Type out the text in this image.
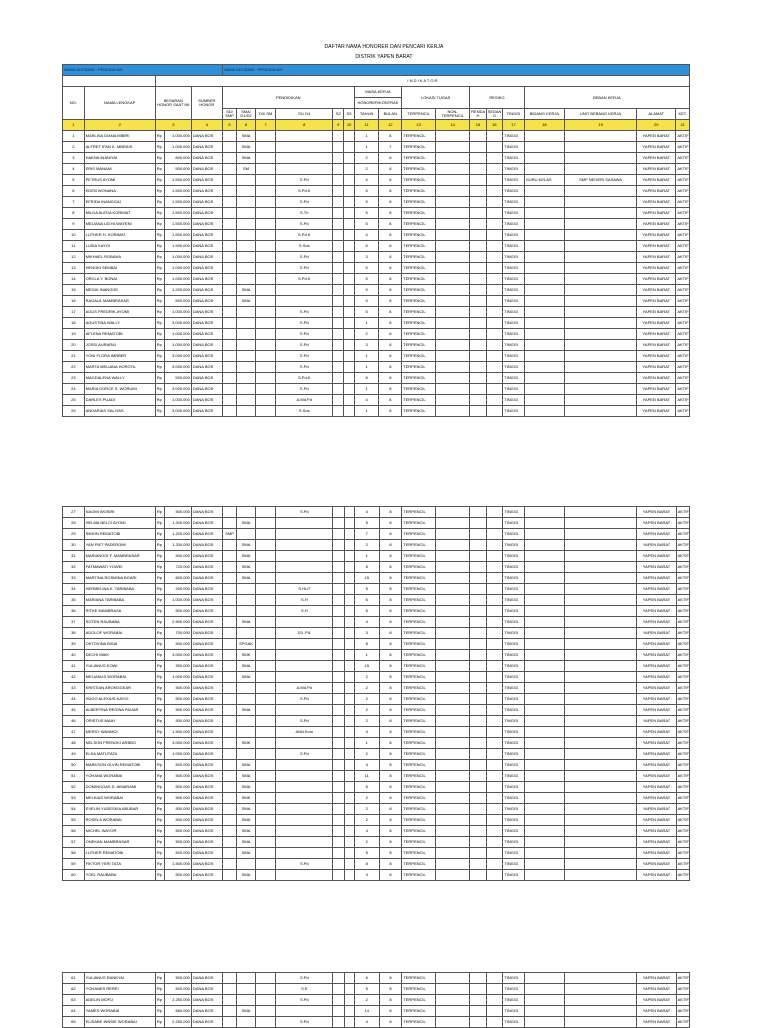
DAFTAR NAMA HONORER DAN PENCARI KERJA
DISTRIK YAPEN BARAT
NAMA INSTANSI : PENDIDIKAN					NAMA INSTANSI : PENDIDIKAN																
		I N D I K A T O R																			
NO.	NAMA LENGKAP	BESARAN HONOR SAAT INI		SUMBER HONOR	PENDIDIKAN						MASA KERJA		LOKASI TUGAS		RESIKO			BEBAN KERJA			
											HONORER/KONTRAK										
					SD/ SMP	SMA/ D1/D2	D3/ SM	S1/ D4	S2	S3	TAHUN	BULAN	TERPENCIL	NON-TERPENCIL	RENDA H	SEDAN G	TINGGI	BIDANG KERJA	UNIT BEBANG KERJA	ALAMAT	KET.
1	2	3		4	5	6	7	8	9	10	11	12	13	14	15	16	17	18	19	20	21
1	MARLISA DIANA IMBIRI	Rp	1.000.000	DANA BOS		SMA					1	8	TERPENCIL				TINGGI			YAPEN BARAT	AKTIF
2	ALFRET IFAN K. MBRAIS	Rp	1.000.000	DANA BOS		SMA					1	7	TERPENCIL				TINGGI			YAPEN BARAT	AKTIF
3	HAENA INANIYAI	Rp	800.000	DANA BOS		SMA					2	8	TERPENCIL				TINGGI			YAPEN BARAT	AKTIF
4	ERIS MANANI	Rp	500.000	DANA BOS		SM					2	8	TERPENCIL				TINGGI			YAPEN BARAT	AKTIF
5	PETRUS AYOMI	Rp	1.500.000	DANA BOS				S.Pd			4	8	TERPENCIL				TINGGI	GURU KELAS	SMP NEGERI SASAWA	YAPEN BARAT	AKTIF
6	EDEN WONANA	Rp	1.500.000	DANA BOS				S.Pd.K			6	8	TERPENCIL				TINGGI			YAPEN BARAT	AKTIF
7	EFRIDA INANGGAI	Rp	1.500.000	DANA BOS				S.Pd			5	8	TERPENCIL				TINGGI			YAPEN BARAT	AKTIF
8	MILDA ALEDA KORIMAT	Rp	1.500.000	DANA BOS				S.Th			5	8	TERPENCIL				TINGGI			YAPEN BARAT	AKTIF
9	MELIANA LIDYA WAYENI	Rp	1.500.000	DANA BOS				S.Pd			5	8	TERPENCIL				TINGGI			YAPEN BARAT	AKTIF
10	LUTHER H. KORIMAT	Rp	1.500.000	DANA BOS				S.Pd.K			4	8	TERPENCIL				TINGGI			YAPEN BARAT	AKTIF
11	LUSIA KAYOI	Rp	1.500.000	DANA BOS				S.Sos			5	8	TERPENCIL				TINGGI			YAPEN BARAT	AKTIF
12	MIKHAEL ROBAHA	Rp	1.000.000	DANA BOS				S.Pd			3	8	TERPENCIL				TINGGI			YAPEN BARAT	AKTIF
13	HENOKI SEMBAI	Rp	1.000.000	DANA BOS				S.Pd			5	8	TERPENCIL				TINGGI			YAPEN BARAT	AKTIF
14	ORCLA Y. BONAI	Rp	1.000.000	DANA BOS				S.Pd.K			5	8	TERPENCIL				TINGGI			YAPEN BARAT	AKTIF
15	MEGAI INANGGE	Rp	1.200.000	DANA BOS		SMA					9	8	TERPENCIL				TINGGI			YAPEN BARAT	AKTIF
16	RAGAUL MAMBRASAR	Rp	500.000	DANA BOS		SMA					9	8	TERPENCIL				TINGGI			YAPEN BARAT	AKTIF
17	AGUS FREDRIK AYOMI	Rp	1.000.000	DANA BOS				S.Pd			5	8	TERPENCIL				TINGGI			YAPEN BARAT	AKTIF
18	AGUSTINA WALLY	Rp	3.000.000	DANA BOS				S.Pd			1	8	TERPENCIL				TINGGI			YAPEN BARAT	AKTIF
19	AFLENA REMATOBI	Rp	1.000.000	DANA BOS				S.Pd			2	8	TERPENCIL				TINGGI			YAPEN BARAT	AKTIF
20	JOSSI AURARAI	Rp	1.000.000	DANA BOS				S.Pd			3	8	TERPENCIL				TINGGI			YAPEN BARAT	AKTIF
21	YONI FLORA IMRBER	Rp	3.000.000	DANA BOS				S.Pd			1	8	TERPENCIL				TINGGI			YAPEN BARAT	AKTIF
22	MARTA MELIANA HOROTA	Rp	3.000.000	DANA BOS				S.Pd			1	8	TERPENCIL				TINGGI			YAPEN BARAT	AKTIF
23	MAGDALENA WALLY	Rp	500.000	DANA BOS				S.Pd.K			8	8	TERPENCIL				TINGGI			YAPEN BARAT	AKTIF
24	MARIA DORCE S. WORUMI	Rp	3.000.000	DANA BOS				S.Pd			1	8	TERPENCIL				TINGGI			YAPEN BARAT	AKTIF
25	DARLES PUADI	Rp	1.000.000	DANA BOS				A.Md.Pd			4	8	TERPENCIL				TINGGI			YAPEN BARAT	AKTIF
26	ANDARIAS SALIYAS	Rp	3.000.000	DANA BOS				S.Sos			1	8	TERPENCIL				TINGGI			YAPEN BARAT	AKTIF
27	NAOMI WOSIRI	Rp	500.000	DANA BOS				S.Pd			4	8	TERPENCIL				TINGGI			YAPEN BARAT	AKTIF
28	HELMA NELCI AYOMI	Rp	1.200.000	DANA BOS		SMA					5	8	TERPENCIL				TINGGI			YAPEN BARAT	AKTIF
29	SIMON REMATOBI	Rp	1.200.000	DANA BOS	SMP						7	8	TERPENCIL				TINGGI			YAPEN BARAT	AKTIF
30	YAN PIET PADEROMI	Rp	1.200.000	DANA BOS		SMA					2	8	TERPENCIL				TINGGI			YAPEN BARAT	AKTIF
31	MARIANGGI F. MAMBRASAR	Rp	500.000	DANA BOS		SMA					1	8	TERPENCIL				TINGGI			YAPEN BARAT	AKTIF
32	FATMAWATI YOWEI	Rp	720.000	DANA BOS		SMA					8	8	TERPENCIL				TINGGI			YAPEN BARAT	AKTIF
33	MARTINA ROSMINA BOARI	Rp	600.000	DANA BOS		SMA					15	8	TERPENCIL				TINGGI			YAPEN BARAT	AKTIF
34	HERMELINA K. TARIBABA	Rp	200.000	DANA BOS				S.HUT			5	8	TERPENCIL				TINGGI			YAPEN BARAT	AKTIF
35	MARIANA TARIBABA	Rp	1.000.000	DANA BOS				S.H			6	8	TERPENCIL				TINGGI			YAPEN BARAT	AKTIF
36	RITKE MAMBRASA	Rp	500.000	DANA BOS				S.H			6	8	TERPENCIL				TINGGI			YAPEN BARAT	AKTIF
37	SOTEN RAUBABA	Rp	2.500.000	DANA BOS		SMA					4	8	TERPENCIL				TINGGI			YAPEN BARAT	AKTIF
38	ADOLOF WORABAI	Rp	700.000	DANA BOS				D3. PIL			3	8	TERPENCIL				TINGGI			YAPEN BARAT	AKTIF
39	OKTOVINA BISAI	Rp	500.000	DANA BOS		SPGAK					8	8	TERPENCIL				TINGGI			YAPEN BARAT	AKTIF
40	DECHI MAIK	Rp	3.000.000	DANA BOS		SMK					1	8	TERPENCIL				TINGGI			YAPEN BARAT	AKTIF
41	YULIANUS KOWI	Rp	300.000	DANA BOS		SMA					15	8	TERPENCIL				TINGGI			YAPEN BARAT	AKTIF
42	MELIANUS WORABAI	Rp	1.000.000	DANA BOS		SMA					2	8	TERPENCIL				TINGGI			YAPEN BARAT	AKTIF
43	KRISTIAN ARONGGEAR	Rp	500.000	DANA BOS				A.Md.Pd			2	8	TERPENCIL				TINGGI			YAPEN BARAT	AKTIF
44	HUGO ALEXIUS KAYOI	Rp	500.000	DANA BOS				S.Pd			2	8	TERPENCIL				TINGGI			YAPEN BARAT	AKTIF
45	ALBERTINA REGINA PAUAR	Rp	500.000	DANA BOS		SMA					2	8	TERPENCIL				TINGGI			YAPEN BARAT	AKTIF
46	ORISTUS MAAY	Rp	500.000	DANA BOS				S.Pd			2	8	TERPENCIL				TINGGI			YAPEN BARAT	AKTIF
47	MERSY WANMOI	Rp	1.500.000	DANA BOS				AMd.Kom			4	8	TERPENCIL				TINGGI			YAPEN BARAT	AKTIF
48	NELSON FRENGKI ARBBO	Rp	3.000.000	DANA BOS		SMK					1	8	TERPENCIL				TINGGI			YAPEN BARAT	AKTIF
49	ELSA MATUTATA	Rp	1.000.000	DANA BOS				S.Pd			2	8	TERPENCIL				TINGGI			YAPEN BARAT	AKTIF
50	MARKSON OLVIN REMATOBI	Rp	500.000	DANA BOS		SMA					4	8	TERPENCIL				TINGGI			YAPEN BARAT	AKTIF
51	YOHANA WORABAI	Rp	500.000	DANA BOS		SMA					11	8	TERPENCIL				TINGGI			YAPEN BARAT	AKTIF
52	DOMINGGAS D. AIMARAMI	Rp	500.000	DANA BOS		SMA					6	8	TERPENCIL				TINGGI			YAPEN BARAT	AKTIF
53	MELKIAS WORABAI	Rp	500.000	DANA BOS		SMK					2	8	TERPENCIL				TINGGI			YAPEN BARAT	AKTIF
54	EVELIN YUDESKIA ABUBAR	Rp	500.000	DANA BOS		SMA					2	8	TERPENCIL				TINGGI			YAPEN BARAT	AKTIF
55	ROSELA WORABAI	Rp	500.000	DANA BOS		SMA					2	8	TERPENCIL				TINGGI			YAPEN BARAT	AKTIF
56	MICHEL WAYOR	Rp	500.000	DANA BOS		SMA					4	8	TERPENCIL				TINGGI			YAPEN BARAT	AKTIF
57	ONEKAN MAMBRASAR	Rp	500.000	DANA BOS		SMA					2	8	TERPENCIL				TINGGI			YAPEN BARAT	AKTIF
58	LUTHER REMATOBI	Rp	500.000	DANA BOS		SMA					5	8	TERPENCIL				TINGGI			YAPEN BARAT	AKTIF
59	FIKTOR YERI TATA	Rp	1.500.000	DANA BOS				S.Pd			8	8	TERPENCIL				TINGGI			YAPEN BARAT	AKTIF
60	YOEL RAUBABA	Rp	500.000	DANA BOS		SMA					3	8	TERPENCIL				TINGGI			YAPEN BARAT	AKTIF
61	YULIANUS RANEYAI	Rp	500.000	DANA BOS				S.Pd			6	8	TERPENCIL				TINGGI			YAPEN BARAT	AKTIF
62	YOHANES REREI	Rp	500.000	DANA BOS				S.E			5	8	TERPENCIL				TINGGI			YAPEN BARAT	AKTIF
63	ADELIN MOFU	Rp	2.250.000	DANA BOS				S.Pd			2	8	TERPENCIL				TINGGI			YAPEN BARAT	AKTIF
64	YAMES WORABAI	Rp	660.000	DANA BOS		SMA					14	8	TERPENCIL				TINGGI			YAPEN BARAT	AKTIF
65	ELISABE INNSIE WORABAI	Rp	2.250.000	DANA BOS				S.Pd			4	8	TERPENCIL				TINGGI			YAPEN BARAT	AKTIF
